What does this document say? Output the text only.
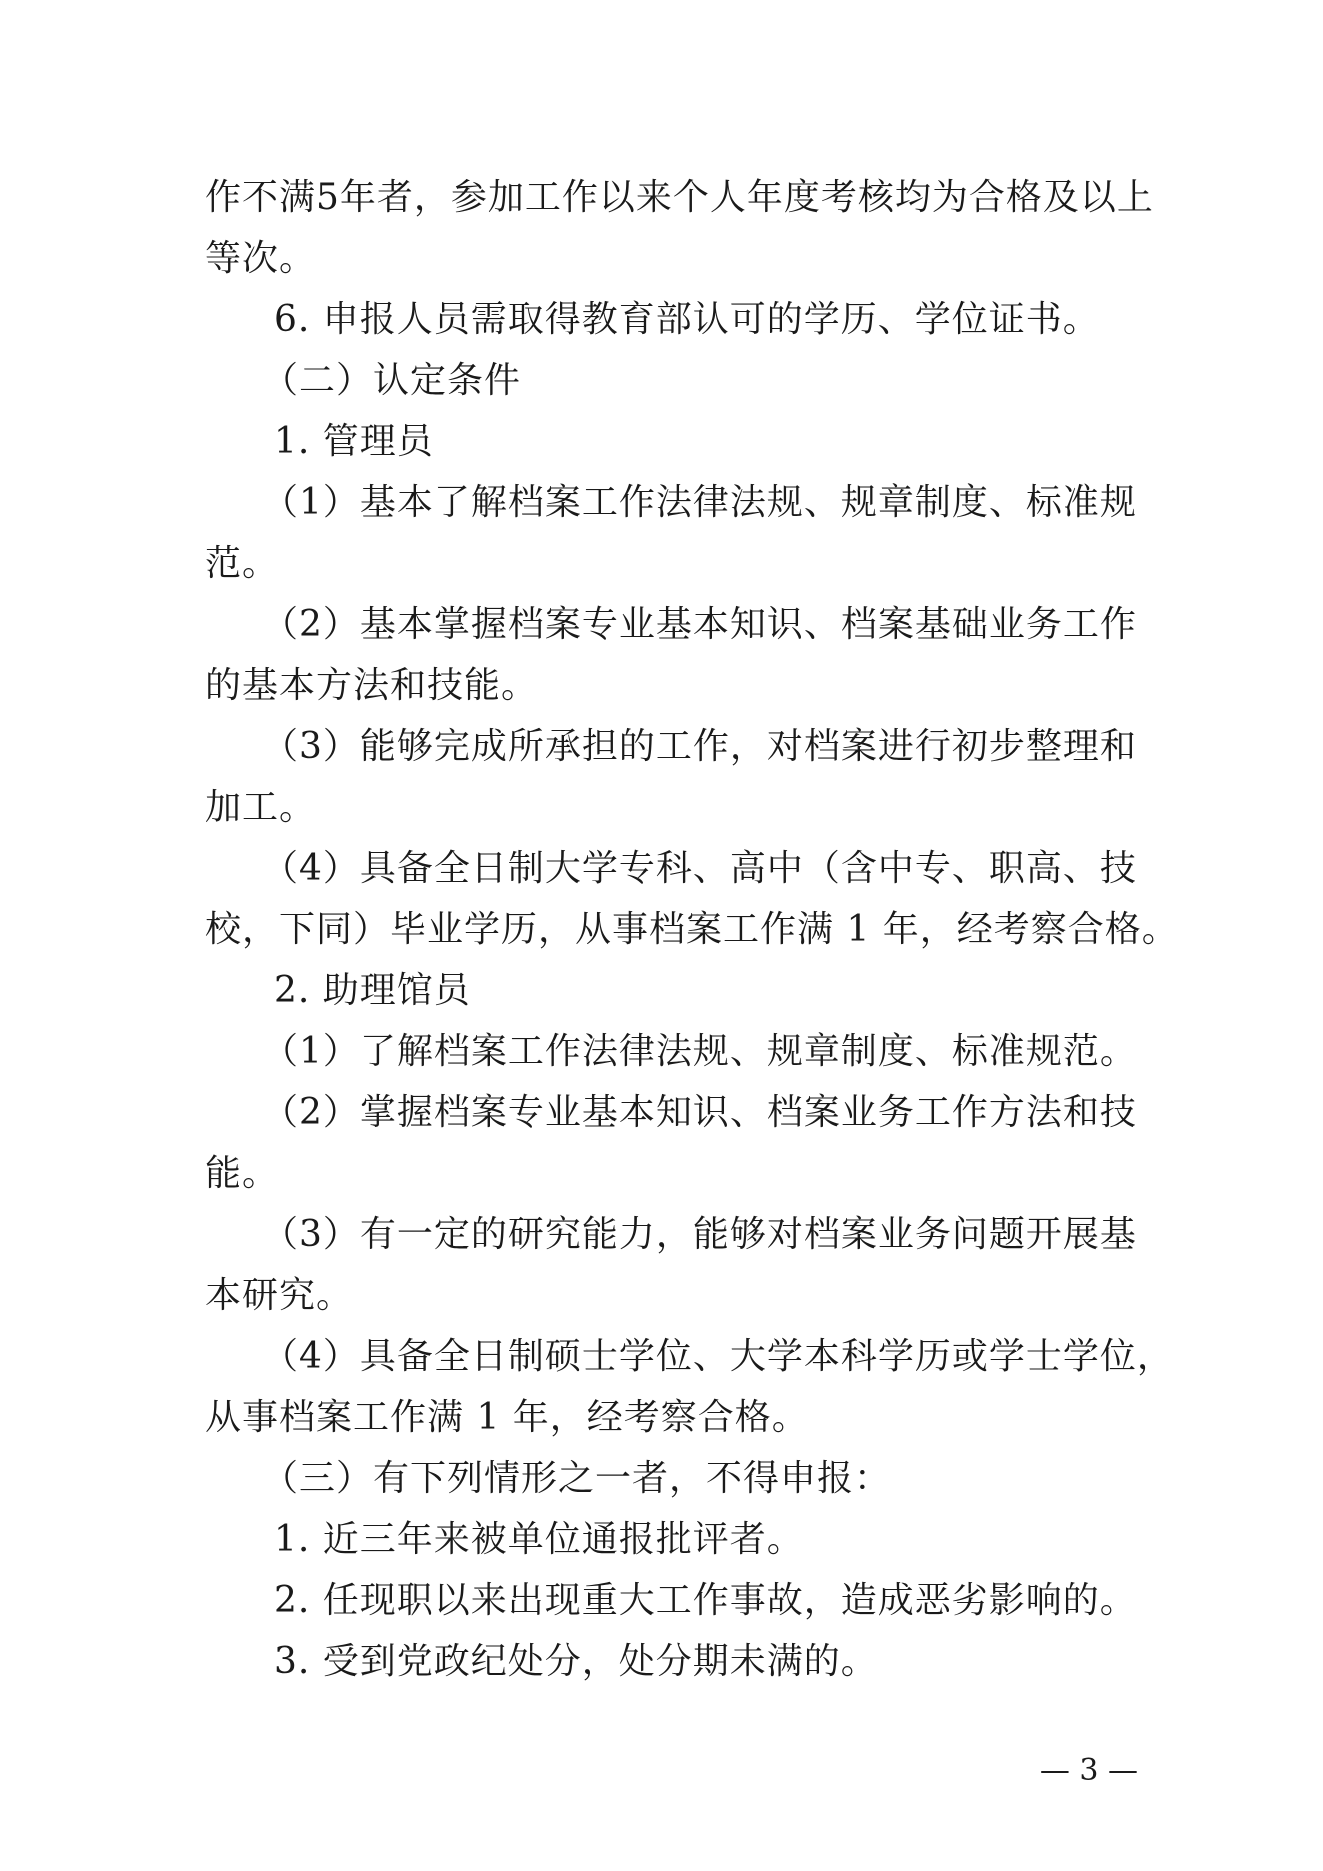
作不满5年者，参加工作以来个人年度考核均为合格及以上
等次。
6. 申报人员需取得教育部认可的学历、学位证书。
（二）认定条件
1. 管理员
（1）基本了解档案工作法律法规、规章制度、标准规
范。
（2）基本掌握档案专业基本知识、档案基础业务工作
的基本方法和技能。
（3）能够完成所承担的工作，对档案进行初步整理和
加工。
（4）具备全日制大学专科、高中（含中专、职高、技
校，下同）毕业学历，从事档案工作满 1 年，经考察合格。
2. 助理馆员
（1）了解档案工作法律法规、规章制度、标准规范。
（2）掌握档案专业基本知识、档案业务工作方法和技
能。
（3）有一定的研究能力，能够对档案业务问题开展基
本研究。
（4）具备全日制硕士学位、大学本科学历或学士学位，
从事档案工作满 1 年，经考察合格。
（三）有下列情形之一者，不得申报：
1. 近三年来被单位通报批评者。
2. 任现职以来出现重大工作事故，造成恶劣影响的。
3. 受到党政纪处分，处分期未满的。
— 3 —
